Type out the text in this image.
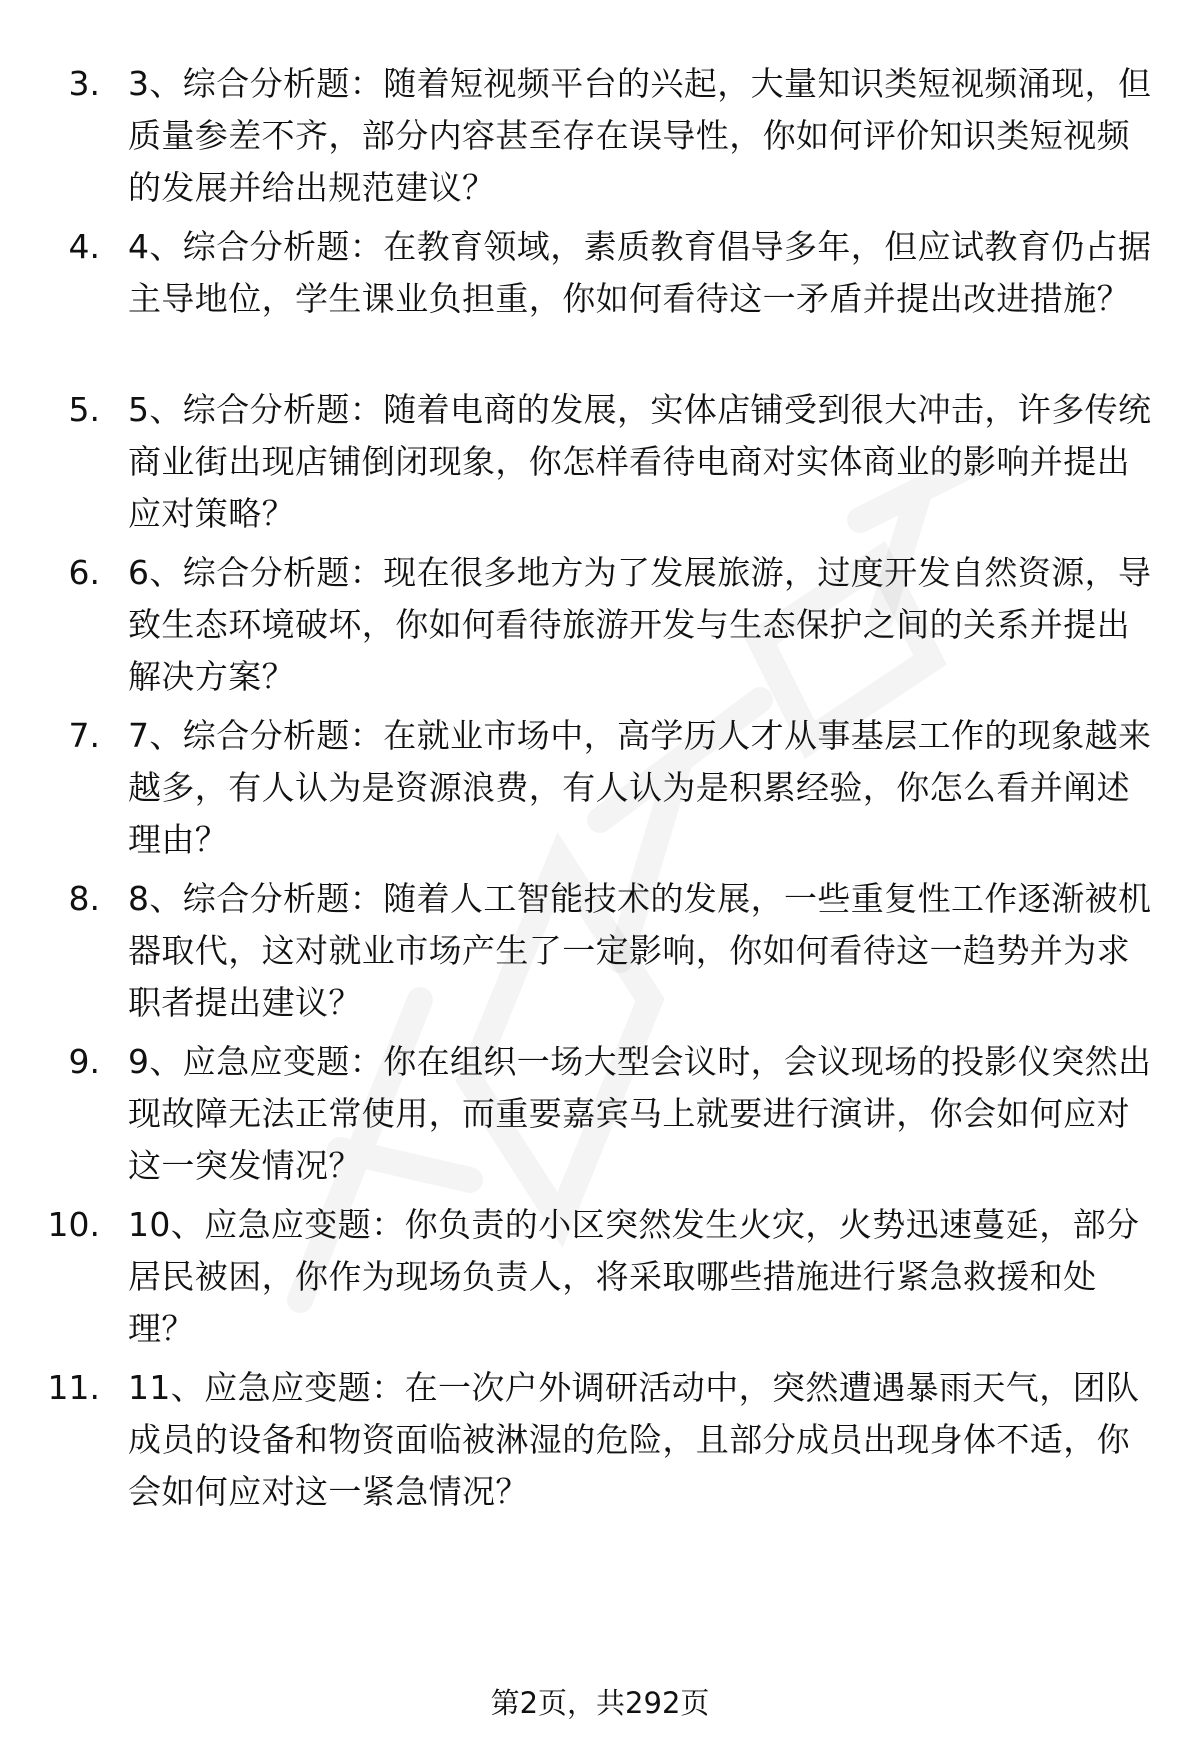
3. 3、综合分析题：随着短视频平台的兴起，大量知识类短视频涌现，但质量参差不齐，部分内容甚至存在误导性，你如何评价知识类短视频的发展并给出规范建议？
4. 4、综合分析题：在教育领域，素质教育倡导多年，但应试教育仍占据主导地位，学生课业负担重，你如何看待这一矛盾并提出改进措施？
5. 5、综合分析题：随着电商的发展，实体店铺受到很大冲击，许多传统商业街出现店铺倒闭现象，你怎样看待电商对实体商业的影响并提出应对策略？
6. 6、综合分析题：现在很多地方为了发展旅游，过度开发自然资源，导致生态环境破坏，你如何看待旅游开发与生态保护之间的关系并提出解决方案？
7. 7、综合分析题：在就业市场中，高学历人才从事基层工作的现象越来越多，有人认为是资源浪费，有人认为是积累经验，你怎么看并阐述理由？
8. 8、综合分析题：随着人工智能技术的发展，一些重复性工作逐渐被机器取代，这对就业市场产生了一定影响，你如何看待这一趋势并为求职者提出建议？
9. 9、应急应变题：你在组织一场大型会议时，会议现场的投影仪突然出现故障无法正常使用，而重要嘉宾马上就要进行演讲，你会如何应对这一突发情况？
10. 10、应急应变题：你负责的小区突然发生火灾，火势迅速蔓延，部分居民被困，你作为现场负责人，将采取哪些措施进行紧急救援和处理？
11. 11、应急应变题：在一次户外调研活动中，突然遭遇暴雨天气，团队成员的设备和物资面临被淋湿的危险，且部分成员出现身体不适，你会如何应对这一紧急情况？
第2页，共292页
